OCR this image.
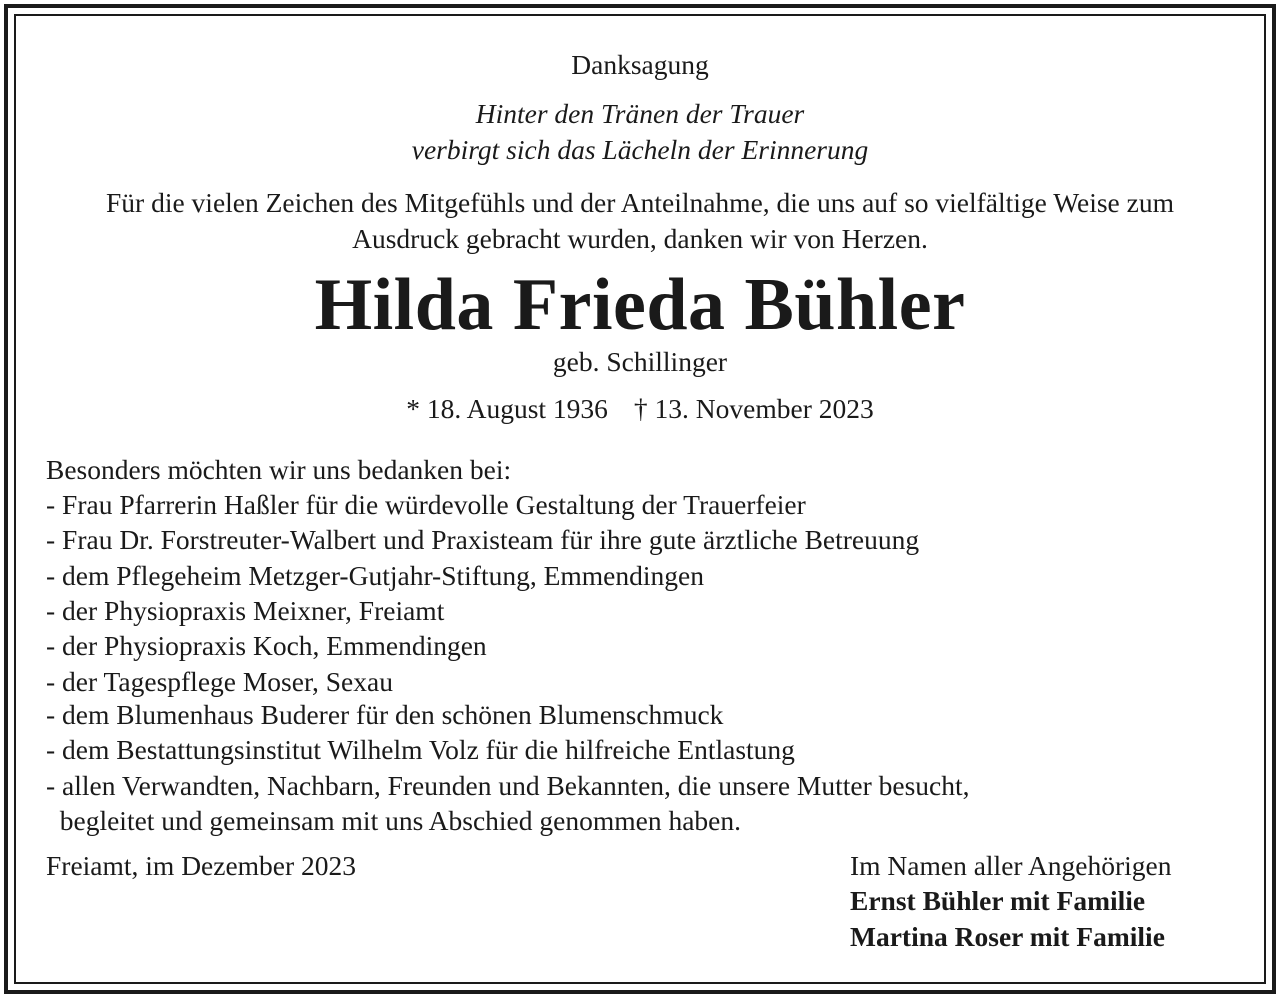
Danksagung
Hinter den Tränen der Trauer
verbirgt sich das Lächeln der Erinnerung
Für die vielen Zeichen des Mitgefühls und der Anteilnahme, die uns auf so vielfältige Weise zum
Ausdruck gebracht wurden, danken wir von Herzen.
Hilda Frieda Bühler
geb. Schillinger
* 18. August 1936 † 13. November 2023
Besonders möchten wir uns bedanken bei:
- Frau Pfarrerin Haßler für die würdevolle Gestaltung der Trauerfeier
- Frau Dr. Forstreuter-Walbert und Praxisteam für ihre gute ärztliche Betreuung
- dem Pflegeheim Metzger-Gutjahr-Stiftung, Emmendingen
- der Physiopraxis Meixner, Freiamt
- der Physiopraxis Koch, Emmendingen
- der Tagespflege Moser, Sexau
- dem Blumenhaus Buderer für den schönen Blumenschmuck
- dem Bestattungsinstitut Wilhelm Volz für die hilfreiche Entlastung
- allen Verwandten, Nachbarn, Freunden und Bekannten, die unsere Mutter besucht,
begleitet und gemeinsam mit uns Abschied genommen haben.
Freiamt, im Dezember 2023	Im Namen aller Angehörigen
Ernst Bühler mit Familie
Martina Roser mit Familie
